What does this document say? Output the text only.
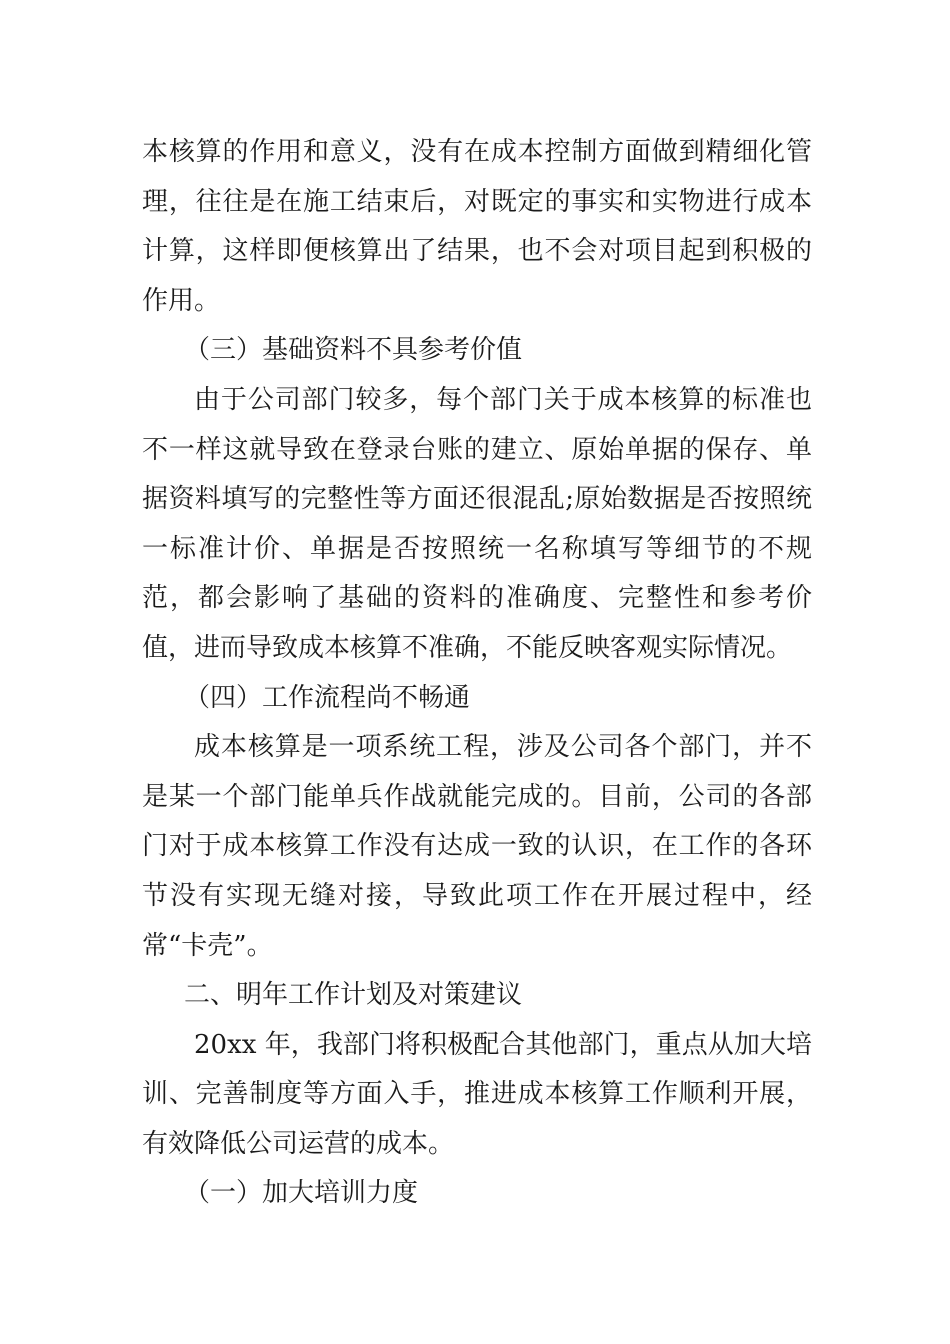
本核算的作用和意义，没有在成本控制方面做到精细化管理，往往是在施工结束后，对既定的事实和实物进行成本计算，这样即便核算出了结果，也不会对项目起到积极的作用。

（三）基础资料不具参考价值

由于公司部门较多，每个部门关于成本核算的标准也不一样这就导致在登录台账的建立、原始单据的保存、单据资料填写的完整性等方面还很混乱;原始数据是否按照统一标准计价、单据是否按照统一名称填写等细节的不规范，都会影响了基础的资料的准确度、完整性和参考价值，进而导致成本核算不准确，不能反映客观实际情况。

（四）工作流程尚不畅通

成本核算是一项系统工程，涉及公司各个部门，并不是某一个部门能单兵作战就能完成的。目前，公司的各部门对于成本核算工作没有达成一致的认识，在工作的各环节没有实现无缝对接，导致此项工作在开展过程中，经常“卡壳”。

二、明年工作计划及对策建议

20xx 年，我部门将积极配合其他部门，重点从加大培训、完善制度等方面入手，推进成本核算工作顺利开展，有效降低公司运营的成本。

（一）加大培训力度
